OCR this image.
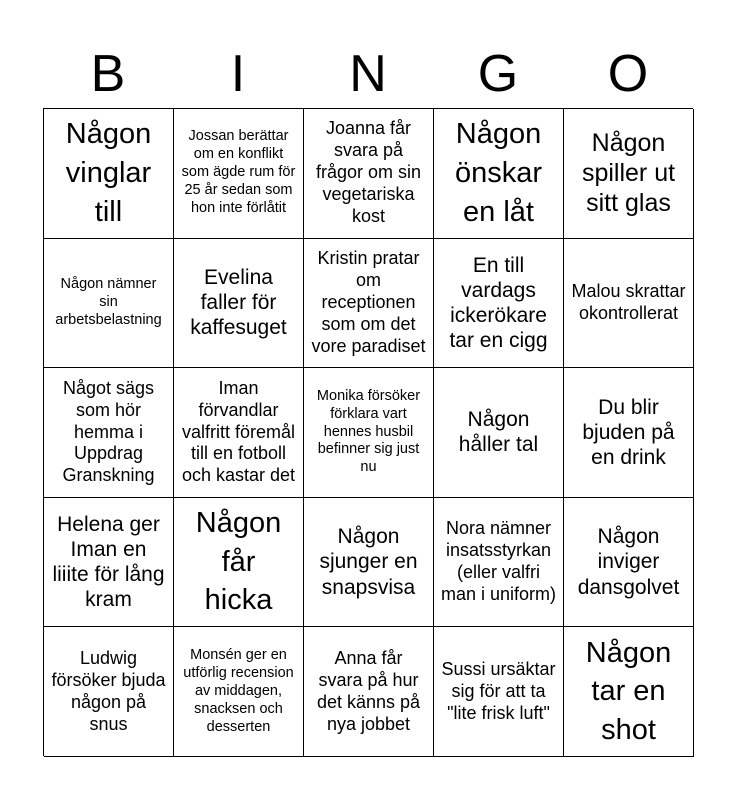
B	I	N	G	O
Någon vinglar till
Jossan berättar om en konflikt som ägde rum för 25 år sedan som hon inte förlåtit
Joanna får svara på frågor om sin vegetariska kost
Någon önskar en låt
Någon spiller ut sitt glas
Någon nämner sin arbetsbelastning
Evelina faller för kaffesuget
Kristin pratar om receptionen som om det vore paradiset
En till vardags ickerökare tar en cigg
Malou skrattar okontrollerat
Något sägs som hör hemma i Uppdrag Granskning
Iman förvandlar valfritt föremål till en fotboll och kastar det
Monika försöker förklara vart hennes husbil befinner sig just nu
Någon håller tal
Du blir bjuden på en drink
Helena ger Iman en liiite för lång kram
Någon får hicka
Någon sjunger en snapsvisa
Nora nämner insatsstyrkan (eller valfri man i uniform)
Någon inviger dansgolvet
Ludwig försöker bjuda någon på snus
Monsén ger en utförlig recension av middagen, snacksen och desserten
Anna får svara på hur det känns på nya jobbet
Sussi ursäktar sig för att ta "lite frisk luft"
Någon tar en shot
